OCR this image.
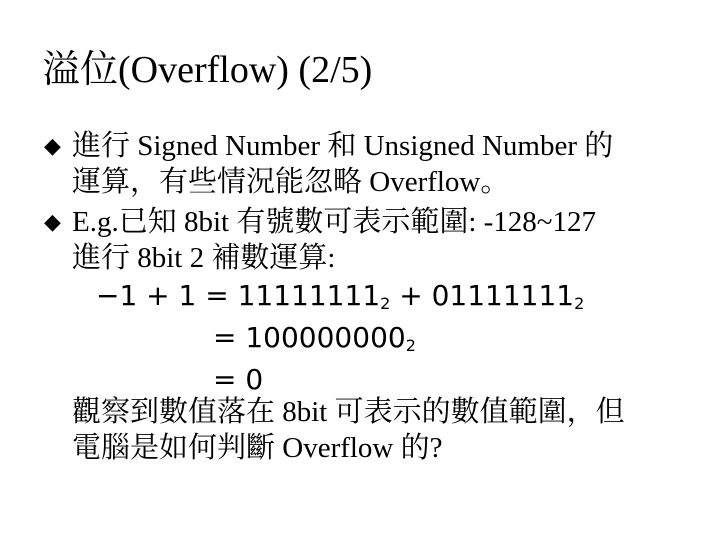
溢位(Overflow) (2/5)
◆ 進行 Signed Number 和 Unsigned Number 的
運算，有些情況能忽略 Overflow。
◆ E.g.已知 8bit 有號數可表示範圍: -128~127
進行 8bit 2 補數運算:
$-1 + 1 = 11111111_2 + 01111111_2$
= $100000000_2$
= 0
觀察到數值落在 8bit 可表示的數值範圍，但
電腦是如何判斷 Overflow 的?
